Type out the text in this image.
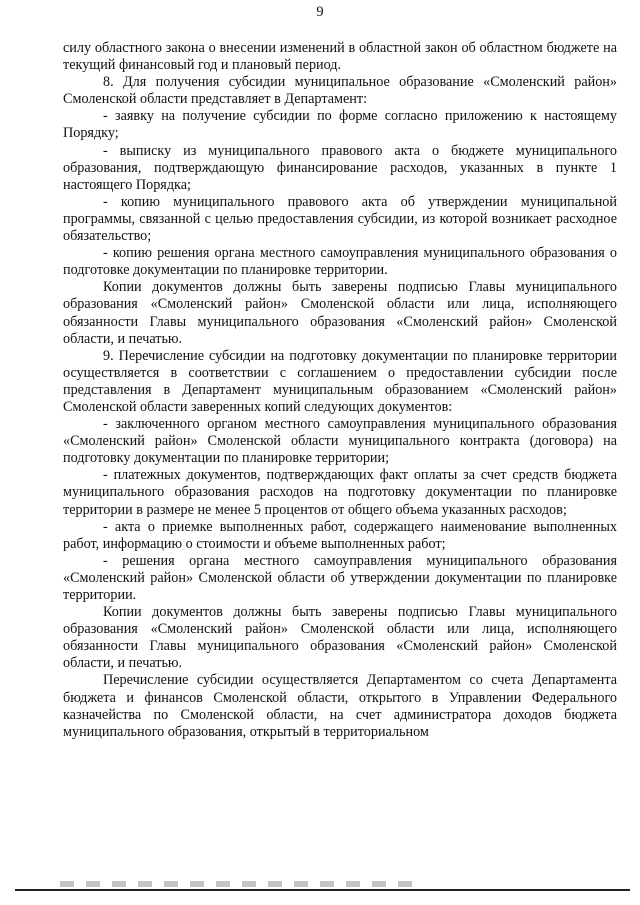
9

силу областного закона о внесении изменений в областной закон об областном бюджете на текущий финансовый год и плановый период.

8. Для получения субсидии муниципальное образование «Смоленский район» Смоленской области представляет в Департамент:

- заявку на получение субсидии по форме согласно приложению к настоящему Порядку;

- выписку из муниципального правового акта о бюджете муниципального образования, подтверждающую финансирование расходов, указанных в пункте 1 настоящего Порядка;

- копию муниципального правового акта об утверждении муниципальной программы, связанной с целью предоставления субсидии, из которой возникает расходное обязательство;

- копию решения органа местного самоуправления муниципального образования о подготовке документации по планировке территории.

Копии документов должны быть заверены подписью Главы муниципального образования «Смоленский район» Смоленской области или лица, исполняющего обязанности Главы муниципального образования «Смоленский район» Смоленской области, и печатью.

9. Перечисление субсидии на подготовку документации по планировке территории осуществляется в соответствии с соглашением о предоставлении субсидии после представления в Департамент муниципальным образованием «Смоленский район» Смоленской области заверенных копий следующих документов:

- заключенного органом местного самоуправления муниципального образования «Смоленский район» Смоленской области муниципального контракта (договора) на подготовку документации по планировке территории;

- платежных документов, подтверждающих факт оплаты за счет средств бюджета муниципального образования расходов на подготовку документации по планировке территории в размере не менее 5 процентов от общего объема указанных расходов;

- акта о приемке выполненных работ, содержащего наименование выполненных работ, информацию о стоимости и объеме выполненных работ;

- решения органа местного самоуправления муниципального образования «Смоленский район» Смоленской области об утверждении документации по планировке территории.

Копии документов должны быть заверены подписью Главы муниципального образования «Смоленский район» Смоленской области или лица, исполняющего обязанности Главы муниципального образования «Смоленский район» Смоленской области, и печатью.

Перечисление субсидии осуществляется Департаментом со счета Департамента бюджета и финансов Смоленской области, открытого в Управлении Федерального казначейства по Смоленской области, на счет администратора доходов бюджета муниципального образования, открытый в территориальном
